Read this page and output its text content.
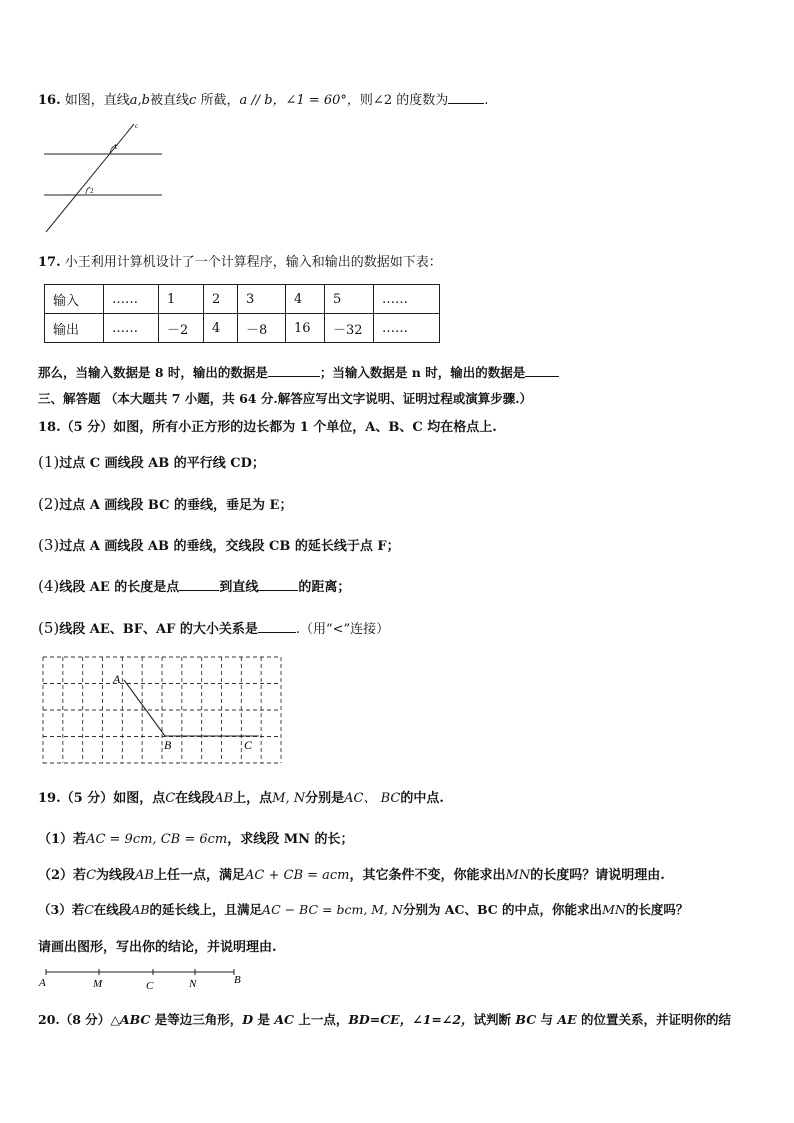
16. 如图，直线a,b被直线c 所截，a // b，∠1 = 60°，则∠2 的度数为	.
c
1
2
17. 小王利用计算机设计了一个计算程序，输入和输出的数据如下表：
输入	……	1	2	3	4	5	……
输出	……	－2	4	－8	16	－32	……
那么，当输入数据是 8 时，输出的数据是	；当输入数据是 n 时，输出的数据是
三、解答题 （本大题共 7 小题，共 64 分.解答应写出文字说明、证明过程或演算步骤.）
18.（5 分）如图，所有小正方形的边长都为 1 个单位，A、B、C 均在格点上.
(1)过点 C 画线段 AB 的平行线 CD；
(2)过点 A 画线段 BC 的垂线，垂足为 E；
(3)过点 A 画线段 AB 的垂线，交线段 CB 的延长线于点 F；
(4)线段 AE 的长度是点	到直线	的距离；
(5)线段 AE、BF、AF 的大小关系是	.（用“<”连接）
A
B	C
19.（5 分）如图，点C在线段AB上，点M, N分别是AC、 BC的中点.
（1）若AC = 9cm, CB = 6cm，求线段 MN 的长；
（2）若C为线段AB上任一点，满足AC + CB = acm，其它条件不变，你能求出MN的长度吗？请说明理由.
（3）若C在线段AB的延长线上，且满足AC − BC = bcm, M, N分别为 AC、BC 的中点，你能求出MN的长度吗？
请画出图形，写出你的结论，并说明理由.
A	M	C	N	B
20.（8 分）△ABC 是等边三角形，D 是 AC 上一点，BD=CE，∠1=∠2，试判断 BC 与 AE 的位置关系，并证明你的结
